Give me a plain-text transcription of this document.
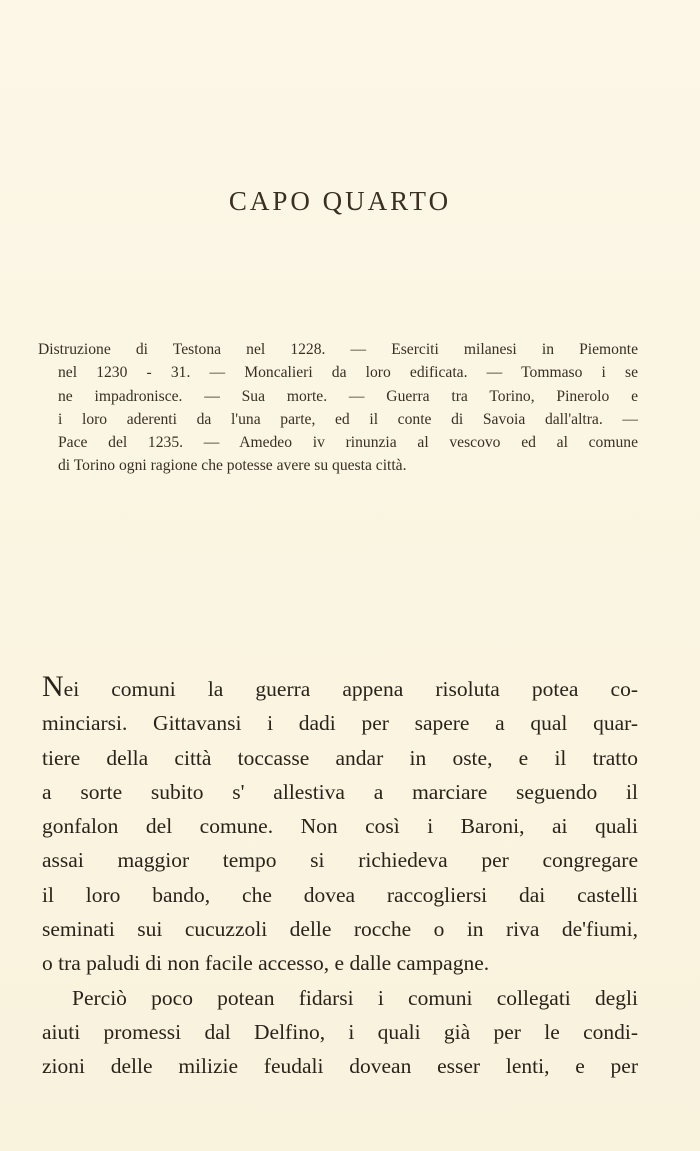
CAPO QUARTO
Distruzione di Testona nel 1228. — Eserciti milanesi in Piemonte
nel 1230 - 31. — Moncalieri da loro edificata. — Tommaso i se
ne impadronisce. — Sua morte. — Guerra tra Torino, Pinerolo e
i loro aderenti da l'una parte, ed il conte di Savoia dall'altra. —
Pace del 1235. — Amedeo iv rinunzia al vescovo ed al comune
di Torino ogni ragione che potesse avere su questa città.
Nei comuni la guerra appena risoluta potea co-
minciarsi. Gittavansi i dadi per sapere a qual quar-
tiere della città toccasse andar in oste, e il tratto
a sorte subito s' allestiva a marciare seguendo il
gonfalon del comune. Non così i Baroni, ai quali
assai maggior tempo si richiedeva per congregare
il loro bando, che dovea raccogliersi dai castelli
seminati sui cucuzzoli delle rocche o in riva de'fiumi,
o tra paludi di non facile accesso, e dalle campagne.
Perciò poco potean fidarsi i comuni collegati degli
aiuti promessi dal Delfino, i quali già per le condi-
zioni delle milizie feudali dovean esser lenti, e per
